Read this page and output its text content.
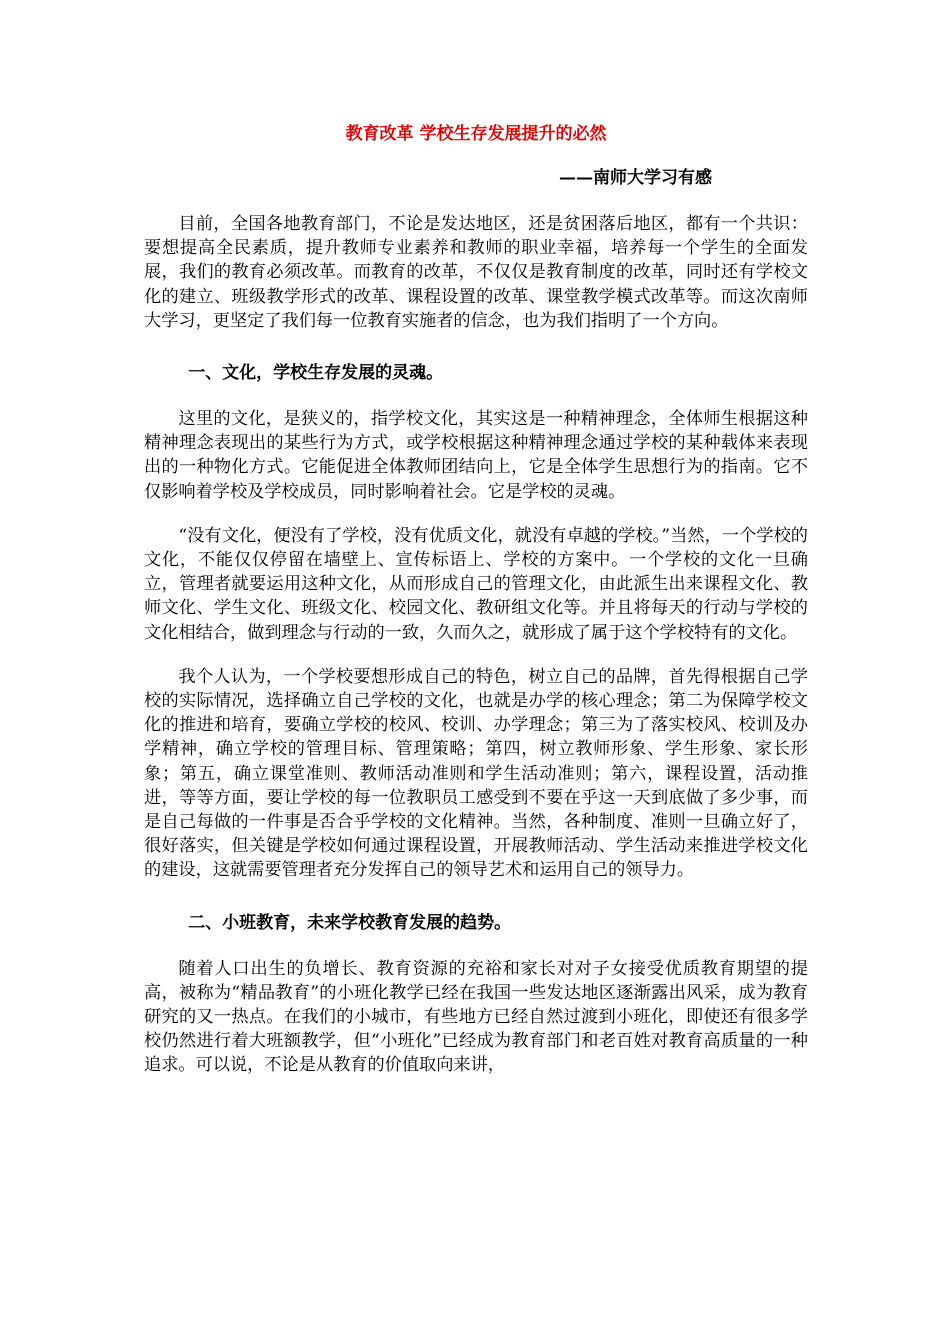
教育改革 学校生存发展提升的必然
——南师大学习有感

目前，全国各地教育部门，不论是发达地区，还是贫困落后地区，都有一个共识：要想提高全民素质，提升教师专业素养和教师的职业幸福，培养每一个学生的全面发展，我们的教育必须改革。而教育的改革，不仅仅是教育制度的改革，同时还有学校文化的建立、班级教学形式的改革、课程设置的改革、课堂教学模式改革等。而这次南师大学习，更坚定了我们每一位教育实施者的信念，也为我们指明了一个方向。

一、文化，学校生存发展的灵魂。

这里的文化，是狭义的，指学校文化，其实这是一种精神理念，全体师生根据这种精神理念表现出的某些行为方式，或学校根据这种精神理念通过学校的某种载体来表现出的一种物化方式。它能促进全体教师团结向上，它是全体学生思想行为的指南。它不仅影响着学校及学校成员，同时影响着社会。它是学校的灵魂。

“没有文化，便没有了学校，没有优质文化，就没有卓越的学校。”当然，一个学校的文化，不能仅仅停留在墙壁上、宣传标语上、学校的方案中。一个学校的文化一旦确立，管理者就要运用这种文化，从而形成自己的管理文化，由此派生出来课程文化、教师文化、学生文化、班级文化、校园文化、教研组文化等。并且将每天的行动与学校的文化相结合，做到理念与行动的一致，久而久之，就形成了属于这个学校特有的文化。

我个人认为，一个学校要想形成自己的特色，树立自己的品牌，首先得根据自己学校的实际情况，选择确立自己学校的文化，也就是办学的核心理念；第二为保障学校文化的推进和培育，要确立学校的校风、校训、办学理念；第三为了落实校风、校训及办学精神，确立学校的管理目标、管理策略；第四，树立教师形象、学生形象、家长形象；第五，确立课堂准则、教师活动准则和学生活动准则；第六，课程设置，活动推进，等等方面，要让学校的每一位教职员工感受到不要在乎这一天到底做了多少事，而是自己每做的一件事是否合乎学校的文化精神。当然，各种制度、准则一旦确立好了，很好落实，但关键是学校如何通过课程设置，开展教师活动、学生活动来推进学校文化的建设，这就需要管理者充分发挥自己的领导艺术和运用自己的领导力。

二、小班教育，未来学校教育发展的趋势。

随着人口出生的负增长、教育资源的充裕和家长对对子女接受优质教育期望的提高，被称为“精品教育”的小班化教学已经在我国一些发达地区逐渐露出风采，成为教育研究的又一热点。在我们的小城市，有些地方已经自然过渡到小班化，即使还有很多学校仍然进行着大班额教学，但“小班化”已经成为教育部门和老百姓对教育高质量的一种追求。可以说，不论是从教育的价值取向来讲，
